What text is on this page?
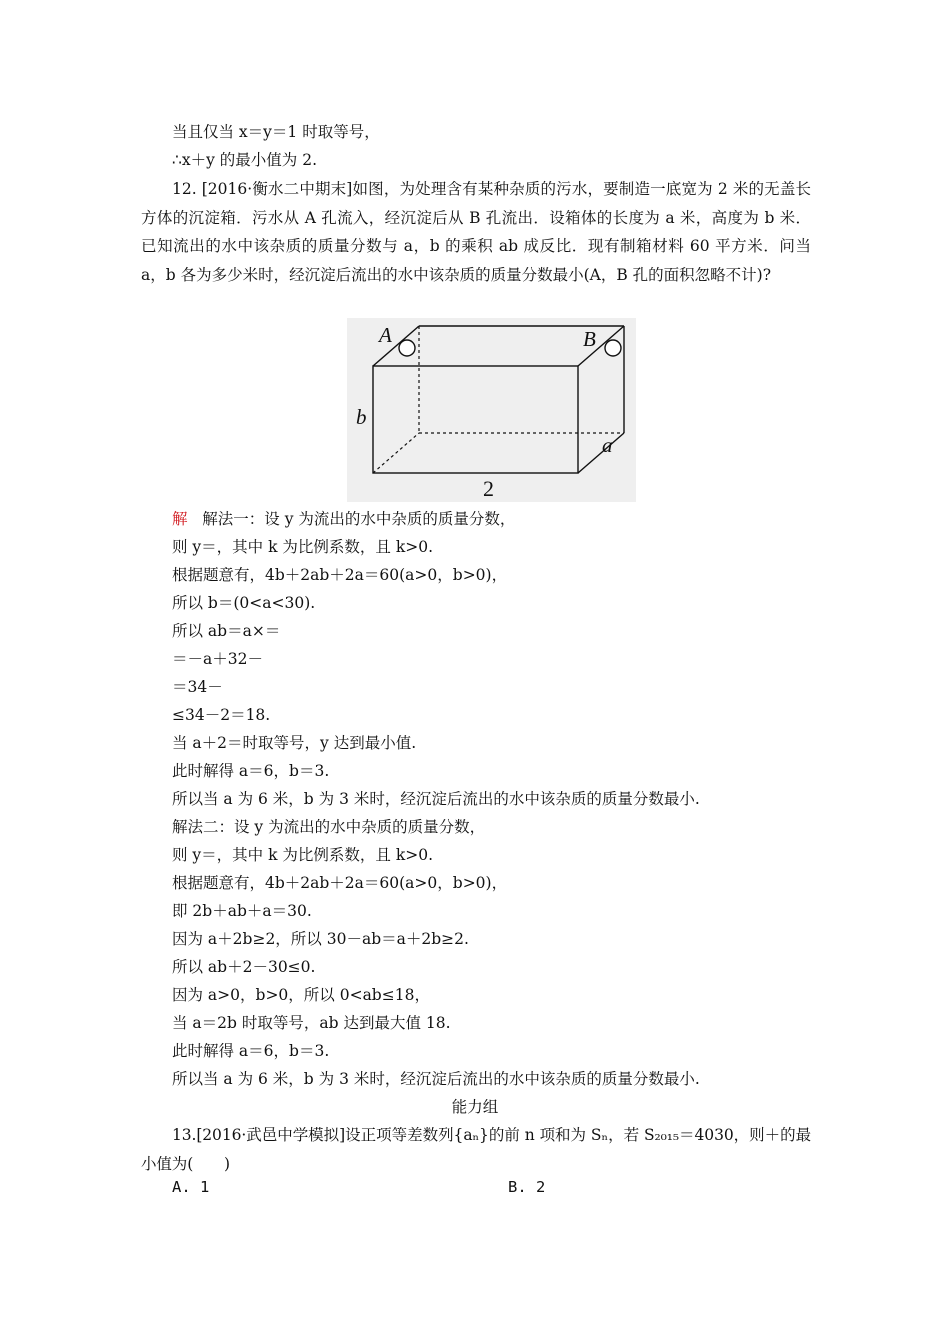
当且仅当 x＝y＝1 时取等号，
∴x＋y 的最小值为 2.
12. [2016·衡水二中期末]如图，为处理含有某种杂质的污水，要制造一底宽为 2 米的无盖长方体的沉淀箱．污水从 A 孔流入，经沉淀后从 B 孔流出．设箱体的长度为 a 米，高度为 b 米．已知流出的水中该杂质的质量分数与 a，b 的乘积 ab 成反比．现有制箱材料 60 平方米．问当 a，b 各为多少米时，经沉淀后流出的水中该杂质的质量分数最小(A，B 孔的面积忽略不计)?
A	B
b
a
2
解 解法一：设 y 为流出的水中杂质的质量分数，
则 y＝，其中 k 为比例系数，且 k>0.
根据题意有，4b＋2ab＋2a＝60(a>0，b>0)，
所以 b＝(0<a<30).
所以 ab＝a×＝
＝－a＋32－
＝34－
≤34－2＝18.
当 a＋2＝时取等号，y 达到最小值.
此时解得 a＝6，b＝3.
所以当 a 为 6 米，b 为 3 米时，经沉淀后流出的水中该杂质的质量分数最小.
解法二：设 y 为流出的水中杂质的质量分数，
则 y＝，其中 k 为比例系数，且 k>0.
根据题意有，4b＋2ab＋2a＝60(a>0，b>0)，
即 2b＋ab＋a＝30.
因为 a＋2b≥2，所以 30－ab＝a＋2b≥2.
所以 ab＋2－30≤0.
因为 a>0，b>0，所以 0<ab≤18，
当 a＝2b 时取等号，ab 达到最大值 18.
此时解得 a＝6，b＝3.
所以当 a 为 6 米，b 为 3 米时，经沉淀后流出的水中该杂质的质量分数最小.
能力组
13.[2016·武邑中学模拟]设正项等差数列{aₙ}的前 n 项和为 Sₙ，若 S₂₀₁₅＝4030，则＋的最小值为(　　)
A. 1	B. 2
